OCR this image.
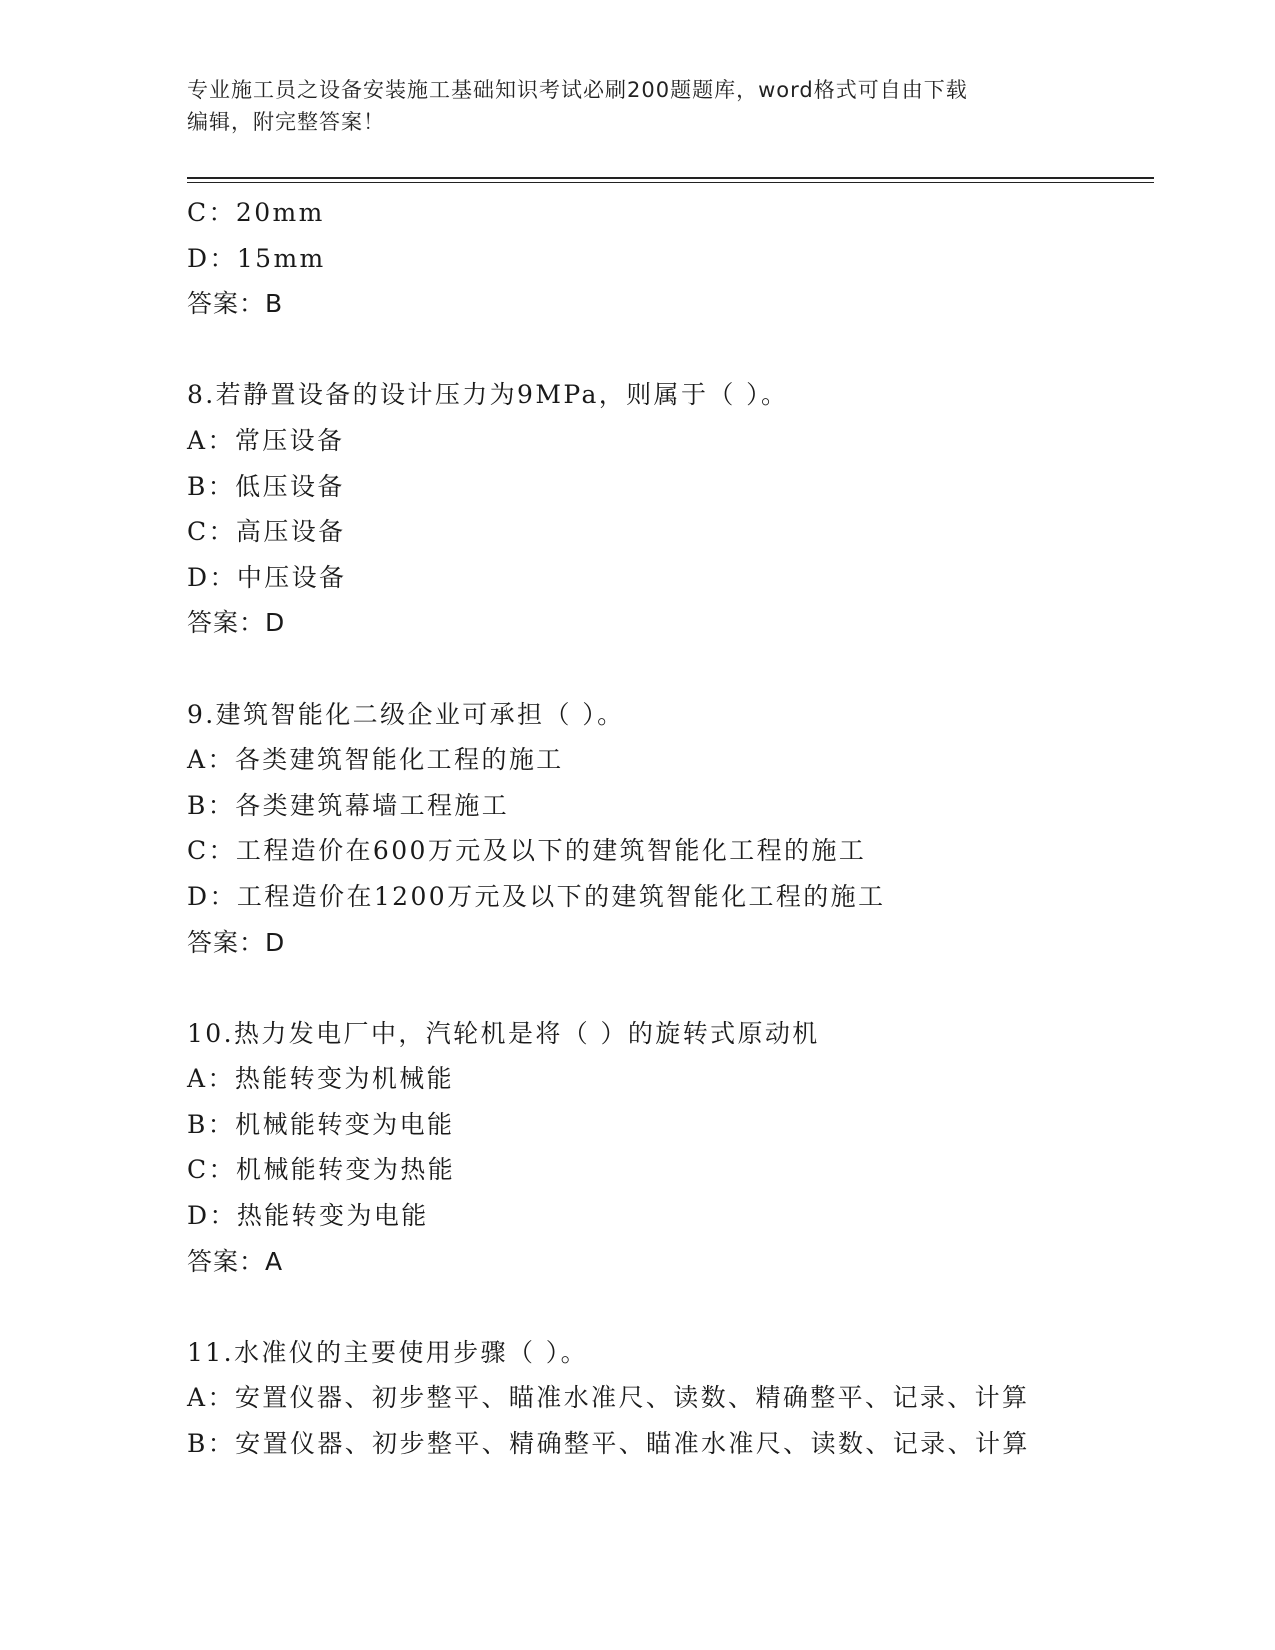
专业施工员之设备安装施工基础知识考试必刷200题题库，word格式可自由下载
编辑，附完整答案！
C：20mm
D：15mm
答案：B
8.若静置设备的设计压力为9MPa，则属于（ ）。
A：常压设备
B：低压设备
C：高压设备
D：中压设备
答案：D
9.建筑智能化二级企业可承担（ ）。
A：各类建筑智能化工程的施工
B：各类建筑幕墙工程施工
C：工程造价在600万元及以下的建筑智能化工程的施工
D：工程造价在1200万元及以下的建筑智能化工程的施工
答案：D
10.热力发电厂中，汽轮机是将（ ）的旋转式原动机
A：热能转变为机械能
B：机械能转变为电能
C：机械能转变为热能
D：热能转变为电能
答案：A
11.水准仪的主要使用步骤（ ）。
A：安置仪器、初步整平、瞄准水准尺、读数、精确整平、记录、计算
B：安置仪器、初步整平、精确整平、瞄准水准尺、读数、记录、计算
